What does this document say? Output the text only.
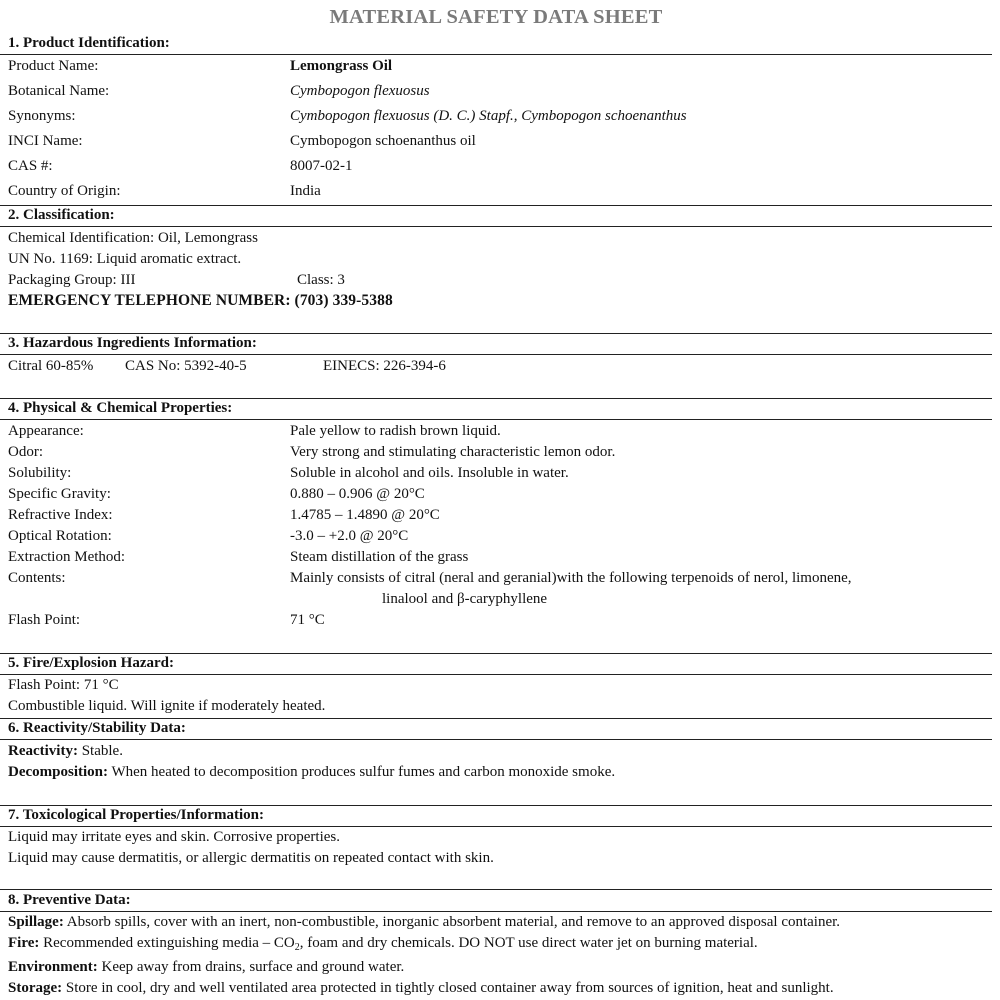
MATERIAL SAFETY DATA SHEET
1. Product Identification:
Product Name:	Lemongrass Oil
Botanical Name:	Cymbopogon flexuosus
Synonyms:	Cymbopogon flexuosus (D. C.) Stapf., Cymbopogon schoenanthus
INCI Name:	Cymbopogon schoenanthus oil
CAS #:	8007-02-1
Country of Origin:	India
2. Classification:
Chemical Identification: Oil, Lemongrass
UN No. 1169: Liquid aromatic extract.
Packaging Group: III	Class: 3
EMERGENCY TELEPHONE NUMBER: (703) 339-5388
3. Hazardous Ingredients Information:
Citral 60-85% CAS No: 5392-40-5	EINECS: 226-394-6
4. Physical & Chemical Properties:
Appearance:	Pale yellow to radish brown liquid.
Odor:	Very strong and stimulating characteristic lemon odor.
Solubility:	Soluble in alcohol and oils. Insoluble in water.
Specific Gravity:	0.880 – 0.906 @ 20°C
Refractive Index:	1.4785 – 1.4890 @ 20°C
Optical Rotation:	-3.0 – +2.0 @ 20°C
Extraction Method:	Steam distillation of the grass
Contents:	Mainly consists of citral (neral and geranial)with the following terpenoids of nerol, limonene,
linalool and β-caryphyllene
Flash Point:	71 °C
5. Fire/Explosion Hazard:
Flash Point: 71 °C
Combustible liquid. Will ignite if moderately heated.
6. Reactivity/Stability Data:
Reactivity: Stable.
Decomposition: When heated to decomposition produces sulfur fumes and carbon monoxide smoke.
7. Toxicological Properties/Information:
Liquid may irritate eyes and skin. Corrosive properties.
Liquid may cause dermatitis, or allergic dermatitis on repeated contact with skin.
8. Preventive Data:
Spillage: Absorb spills, cover with an inert, non-combustible, inorganic absorbent material, and remove to an approved disposal container.
Fire: Recommended extinguishing media – $CO_2$, foam and dry chemicals. DO NOT use direct water jet on burning material.
Environment: Keep away from drains, surface and ground water.
Storage: Store in cool, dry and well ventilated area protected in tightly closed container away from sources of ignition, heat and sunlight.
